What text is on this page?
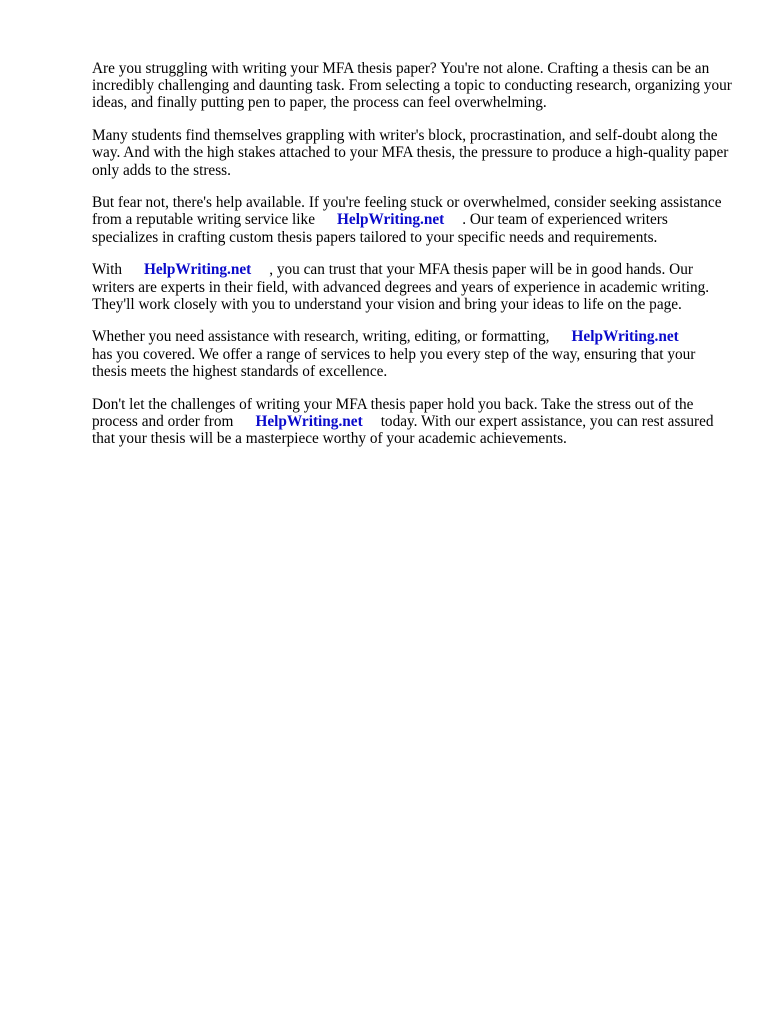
Are you struggling with writing your MFA thesis paper? You're not alone. Crafting a thesis can be an incredibly challenging and daunting task. From selecting a topic to conducting research, organizing your ideas, and finally putting pen to paper, the process can feel overwhelming.

Many students find themselves grappling with writer's block, procrastination, and self-doubt along the way. And with the high stakes attached to your MFA thesis, the pressure to produce a high-quality paper only adds to the stress.

But fear not, there's help available. If you're feeling stuck or overwhelmed, consider seeking assistance from a reputable writing service like HelpWriting.net . Our team of experienced writers specializes in crafting custom thesis papers tailored to your specific needs and requirements.

With HelpWriting.net , you can trust that your MFA thesis paper will be in good hands. Our writers are experts in their field, with advanced degrees and years of experience in academic writing. They'll work closely with you to understand your vision and bring your ideas to life on the page.

Whether you need assistance with research, writing, editing, or formatting, HelpWriting.net
has you covered. We offer a range of services to help you every step of the way, ensuring that your thesis meets the highest standards of excellence.

Don't let the challenges of writing your MFA thesis paper hold you back. Take the stress out of the process and order from HelpWriting.net today. With our expert assistance, you can rest assured that your thesis will be a masterpiece worthy of your academic achievements.
